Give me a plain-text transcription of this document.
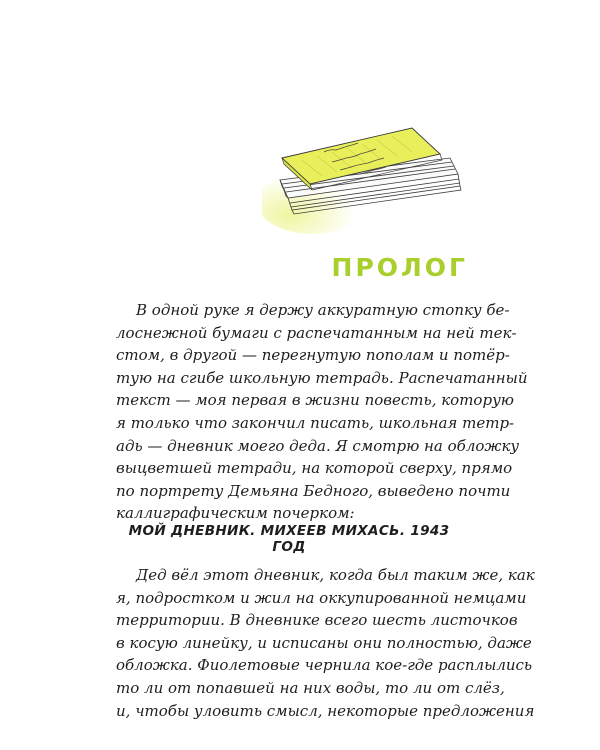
ПРОЛОГ

В одной руке я держу аккуратную стопку бе-
лоснежной бумаги с распечатанным на ней тек-
стом, в другой — перегнутую пополам и потёр-
тую на сгибе школьную тетрадь. Распечатанный
текст — моя первая в жизни повесть, которую
я только что закончил писать, школьная тетр-
адь — дневник моего деда. Я смотрю на обложку
выцветшей тетради, на которой сверху, прямо
по портрету Демьяна Бедного, выведено почти
каллиграфическим почерком:

МОЙ ДНЕВНИК. МИХЕЕВ МИХАСЬ. 1943 ГОД

Дед вёл этот дневник, когда был таким же, как
я, подростком и жил на оккупированной немцами
территории. В дневнике всего шесть листочков
в косую линейку, и исписаны они полностью, даже
обложка. Фиолетовые чернила кое-где расплылись
то ли от попавшей на них воды, то ли от слёз,
и, чтобы уловить смысл, некоторые предложения
